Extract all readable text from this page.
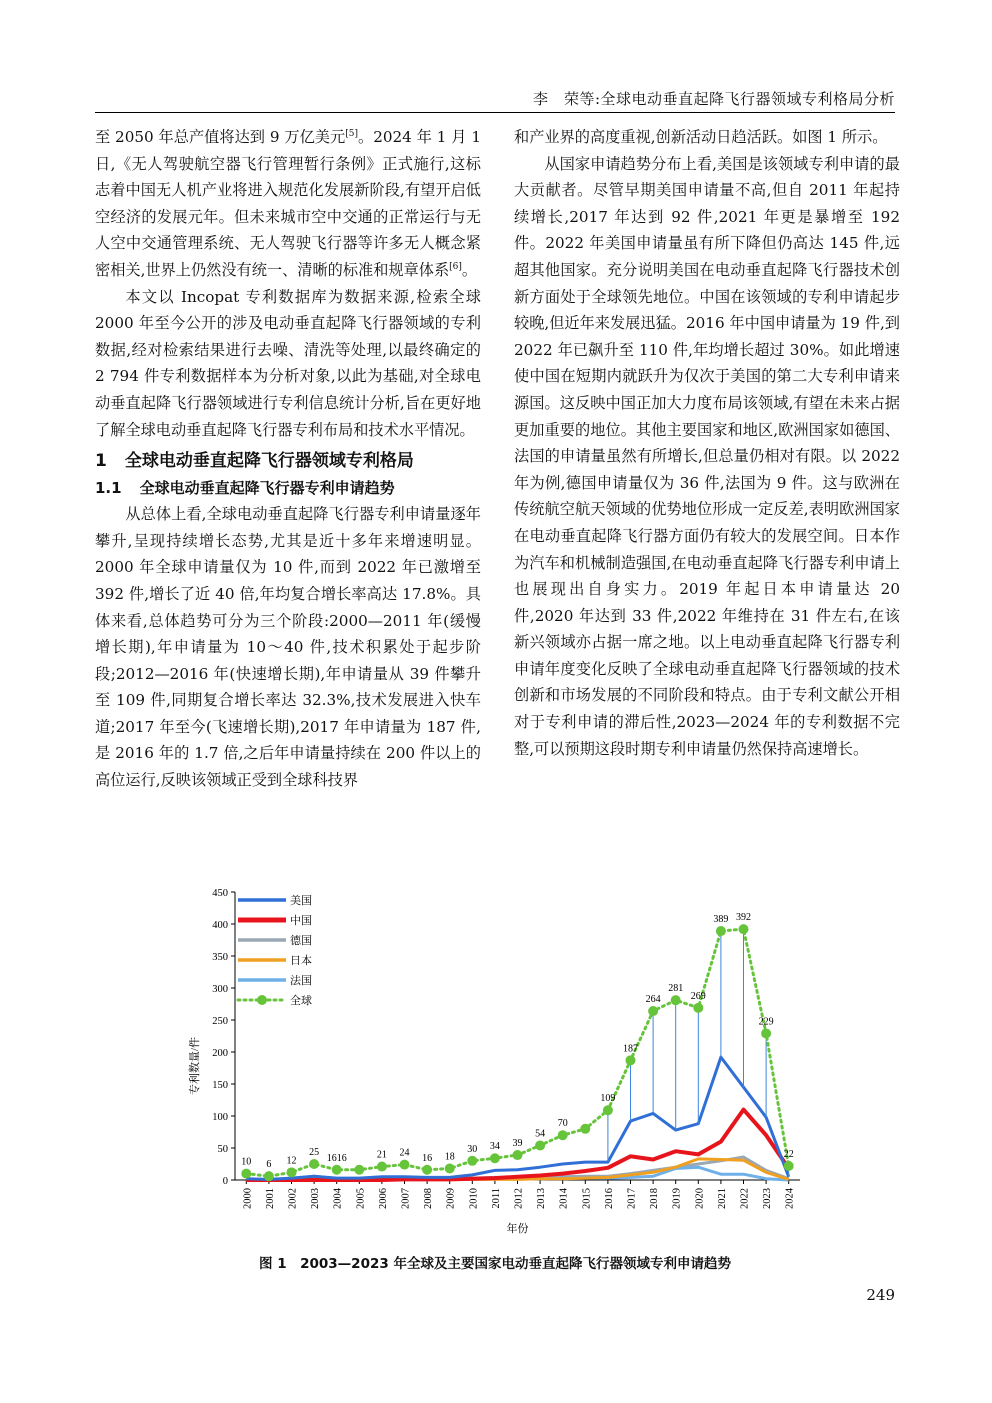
李　荣等:全球电动垂直起降飞行器领域专利格局分析

至 2050 年总产值将达到 9 万亿美元[5]。2024 年 1 月 1 日,《无人驾驶航空器飞行管理暂行条例》正式施行,这标志着中国无人机产业将进入规范化发展新阶段,有望开启低空经济的发展元年。但未来城市空中交通的正常运行与无人空中交通管理系统、无人驾驶飞行器等许多无人概念紧密相关,世界上仍然没有统一、清晰的标准和规章体系[6]。

本文以 Incopat 专利数据库为数据来源,检索全球 2000 年至今公开的涉及电动垂直起降飞行器领域的专利数据,经对检索结果进行去噪、清洗等处理,以最终确定的 2 794 件专利数据样本为分析对象,以此为基础,对全球电动垂直起降飞行器领域进行专利信息统计分析,旨在更好地了解全球电动垂直起降飞行器专利布局和技术水平情况。

1 全球电动垂直起降飞行器领域专利格局
1.1 全球电动垂直起降飞行器专利申请趋势

从总体上看,全球电动垂直起降飞行器专利申请量逐年攀升,呈现持续增长态势,尤其是近十多年来增速明显。2000 年全球申请量仅为 10 件,而到 2022 年已激增至 392 件,增长了近 40 倍,年均复合增长率高达 17.8%。具体来看,总体趋势可分为三个阶段:2000—2011 年(缓慢增长期),年申请量为 10～40 件,技术积累处于起步阶段;2012—2016 年(快速增长期),年申请量从 39 件攀升至 109 件,同期复合增长率达 32.3%,技术发展进入快车道;2017 年至今(飞速增长期),2017 年申请量为 187 件,是 2016 年的 1.7 倍,之后年申请量持续在 200 件以上的高位运行,反映该领域正受到全球科技界

和产业界的高度重视,创新活动日趋活跃。如图 1 所示。

从国家申请趋势分布上看,美国是该领域专利申请的最大贡献者。尽管早期美国申请量不高,但自 2011 年起持续增长,2017 年达到 92 件,2021 年更是暴增至 192 件。2022 年美国申请量虽有所下降但仍高达 145 件,远超其他国家。充分说明美国在电动垂直起降飞行器技术创新方面处于全球领先地位。中国在该领域的专利申请起步较晚,但近年来发展迅猛。2016 年中国申请量为 19 件,到 2022 年已飙升至 110 件,年均增长超过 30%。如此增速使中国在短期内就跃升为仅次于美国的第二大专利申请来源国。这反映中国正加大力度布局该领域,有望在未来占据更加重要的地位。其他主要国家和地区,欧洲国家如德国、法国的申请量虽然有所增长,但总量仍相对有限。以 2022 年为例,德国申请量仅为 36 件,法国为 9 件。这与欧洲在传统航空航天领域的优势地位形成一定反差,表明欧洲国家在电动垂直起降飞行器方面仍有较大的发展空间。日本作为汽车和机械制造强国,在电动垂直起降飞行器专利申请上也展现出自身实力。2019 年起日本申请量达 20 件,2020 年达到 33 件,2022 年维持在 31 件左右,在该新兴领域亦占据一席之地。以上电动垂直起降飞行器专利申请年度变化反映了全球电动垂直起降飞行器领域的技术创新和市场发展的不同阶段和特点。由于专利文献公开相对于专利申请的滞后性,2023—2024 年的专利数据不完整,可以预期这段时期专利申请量仍然保持高速增长。

0
50
100
150
200
250
300
350
400
450
2000 2001 2002 2003 2004 2005 2006 2007 2008 2009 2010 2011 2012 2013 2014 2015 2016 2017 2018 2019 2020 2021 2022 2023 2024
年份
专利数量/件
10 6 12
25
1616	21 24 16 18
30 34 39
54
70
109
187
264
281
269
389 392
229
22
美国
中国
德国
日本
法国
全球
图 1　2003—2023 年全球及主要国家电动垂直起降飞行器领域专利申请趋势
249
